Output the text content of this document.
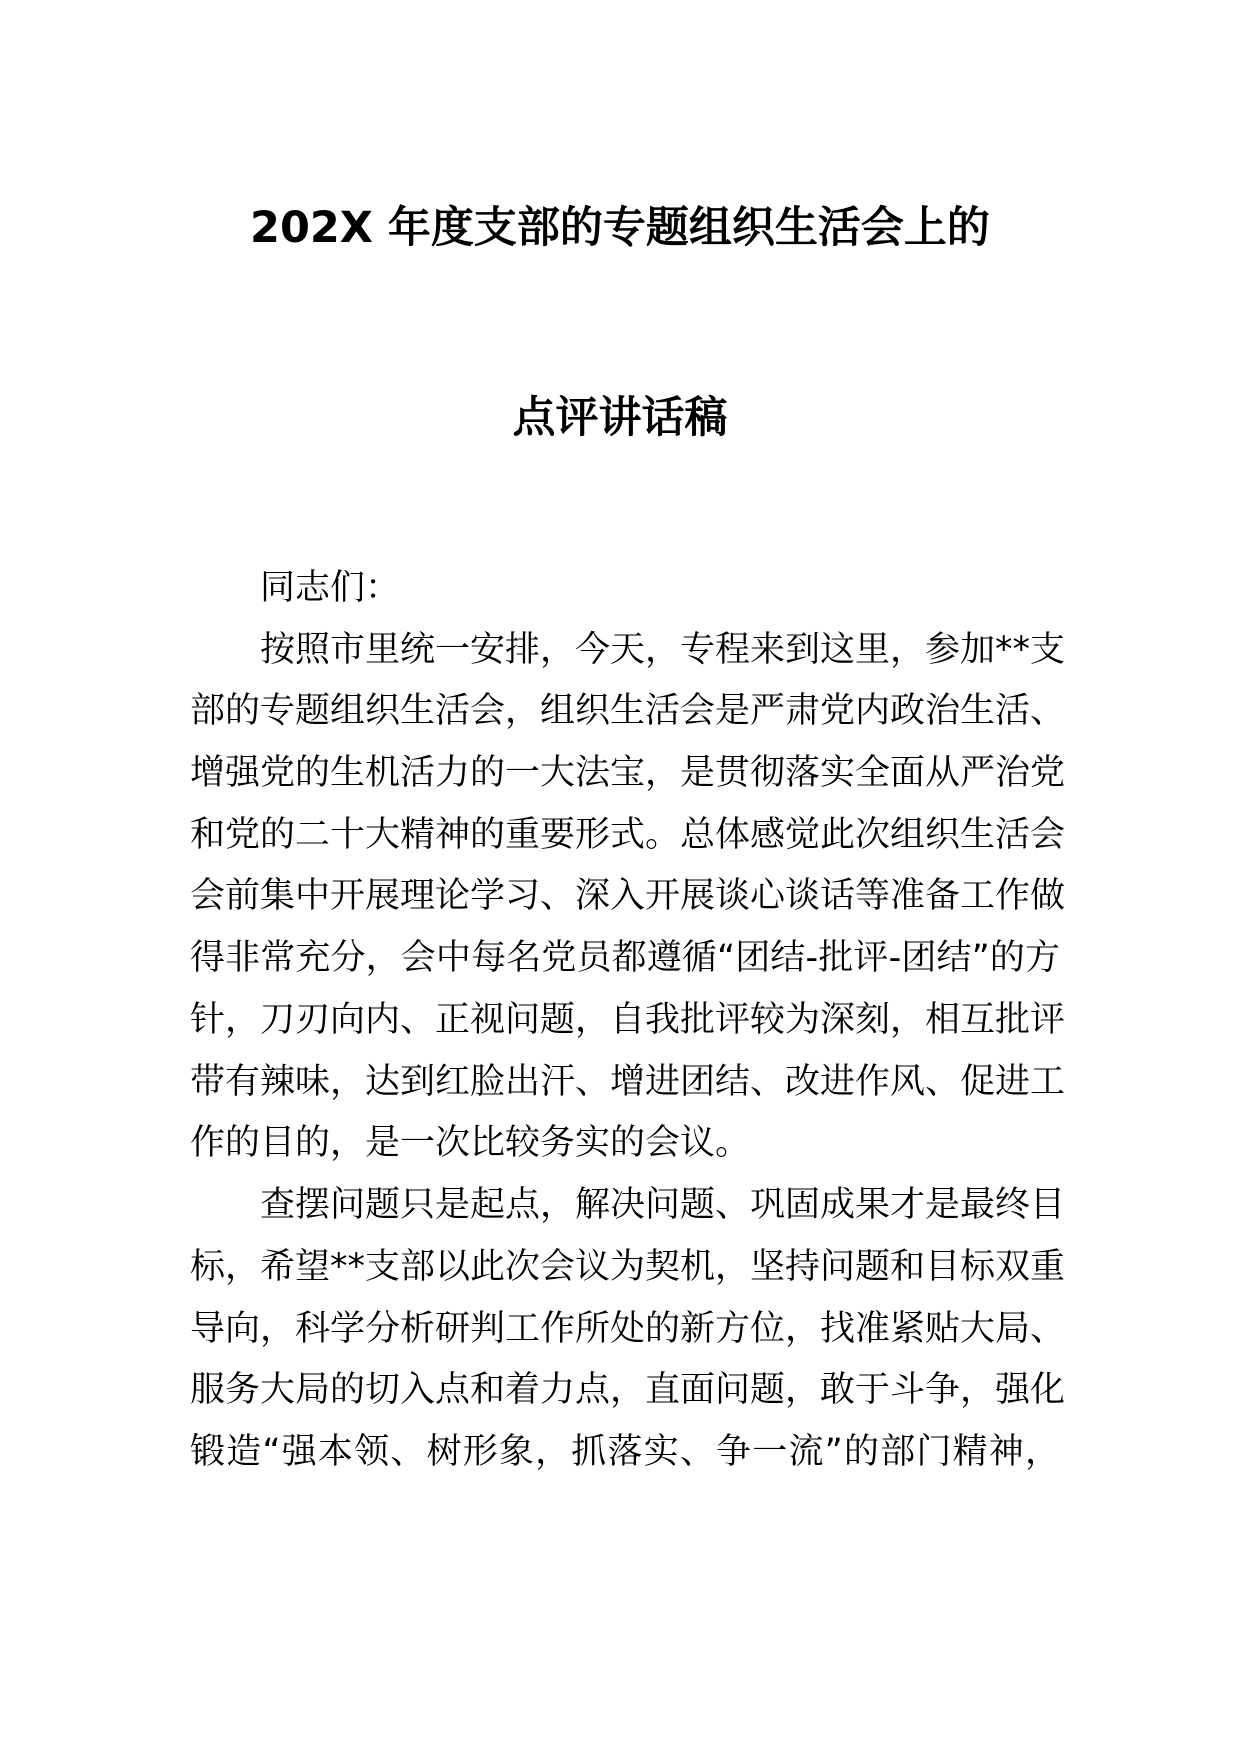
202X 年度支部的专题组织生活会上的
点评讲话稿
同志们：
按照市里统一安排，今天，专程来到这里，参加**支
部的专题组织生活会，组织生活会是严肃党内政治生活、
增强党的生机活力的一大法宝，是贯彻落实全面从严治党
和党的二十大精神的重要形式。总体感觉此次组织生活会
会前集中开展理论学习、深入开展谈心谈话等准备工作做
得非常充分，会中每名党员都遵循“团结-批评-团结”的方
针，刀刃向内、正视问题，自我批评较为深刻，相互批评
带有辣味，达到红脸出汗、增进团结、改进作风、促进工
作的目的，是一次比较务实的会议。
查摆问题只是起点，解决问题、巩固成果才是最终目
标，希望**支部以此次会议为契机，坚持问题和目标双重
导向，科学分析研判工作所处的新方位，找准紧贴大局、
服务大局的切入点和着力点，直面问题，敢于斗争，强化
锻造“强本领、树形象，抓落实、争一流”的部门精神，
